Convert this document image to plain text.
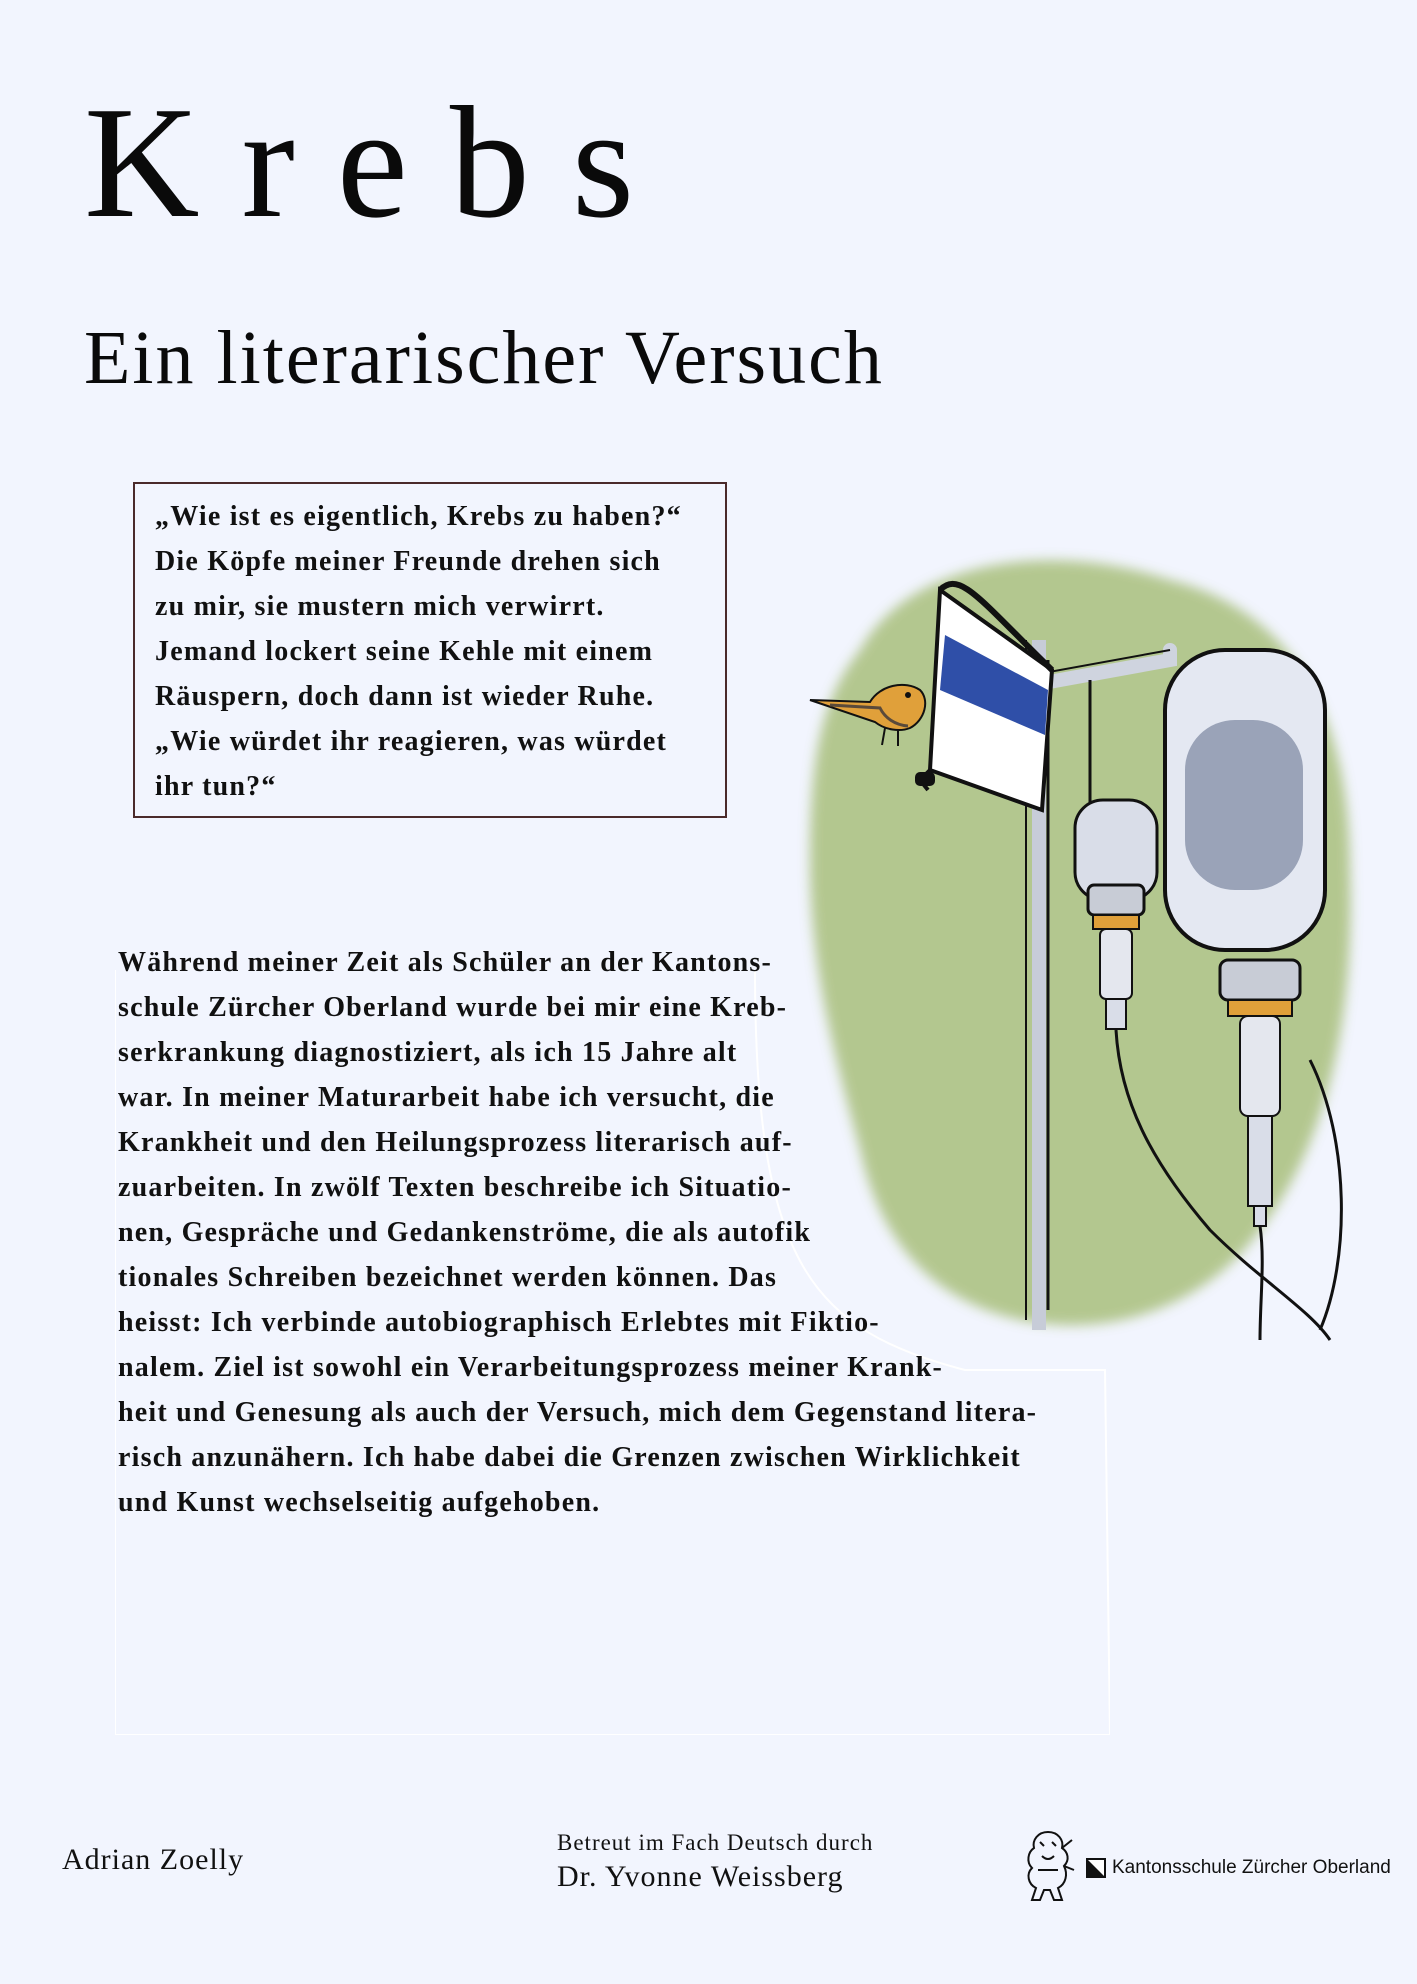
Krebs
Ein literarischer Versuch
„Wie ist es eigentlich, Krebs zu haben?“
Die Köpfe meiner Freunde drehen sich
zu mir, sie mustern mich verwirrt.
Jemand lockert seine Kehle mit einem
Räuspern, doch dann ist wieder Ruhe.
„Wie würdet ihr reagieren, was würdet
ihr tun?“
Während meiner Zeit als Schüler an der Kantons-
schule Zürcher Oberland wurde bei mir eine Kreb-
serkrankung diagnostiziert, als ich 15 Jahre alt
war. In meiner Maturarbeit habe ich versucht, die
Krankheit und den Heilungsprozess literarisch auf-
zuarbeiten. In zwölf Texten beschreibe ich Situatio-
nen, Gespräche und Gedankenströme, die als autofik
tionales Schreiben bezeichnet werden können. Das
heisst: Ich verbinde autobiographisch Erlebtes mit Fiktio-
nalem. Ziel ist sowohl ein Verarbeitungsprozess meiner Krank-
heit und Genesung als auch der Versuch, mich dem Gegenstand litera-
risch anzunähern. Ich habe dabei die Grenzen zwischen Wirklichkeit
und Kunst wechselseitig aufgehoben.
Adrian Zoelly
Betreut im Fach Deutsch durch
Dr. Yvonne Weissberg	Kantonsschule Zürcher Oberland
